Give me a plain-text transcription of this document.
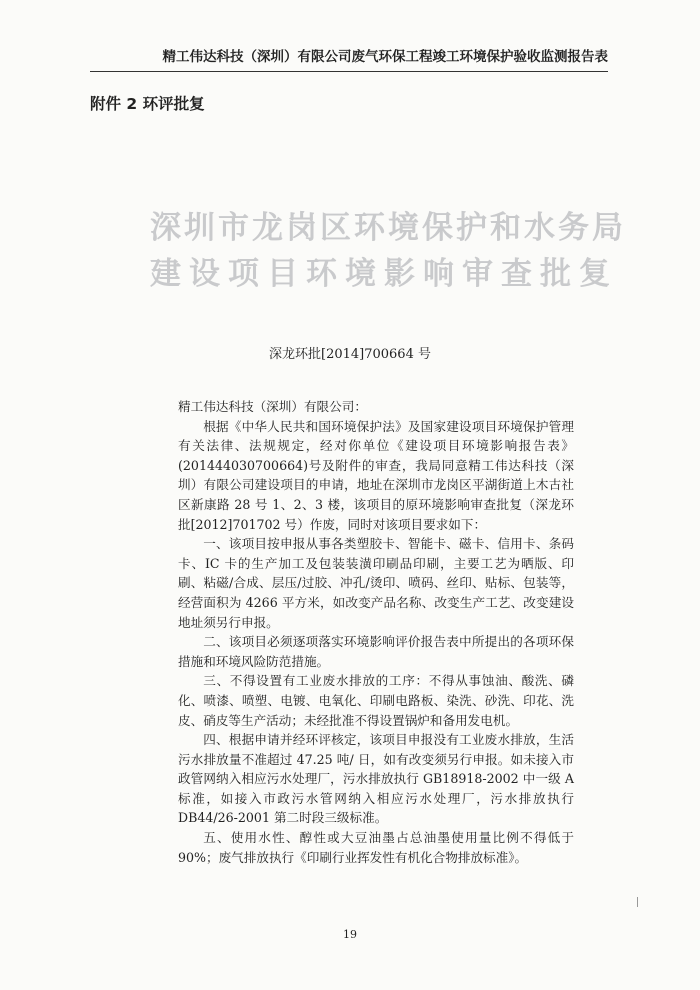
精工伟达科技（深圳）有限公司废气环保工程竣工环境保护验收监测报告表
附件 2 环评批复
深圳市龙岗区环境保护和水务局
建设项目环境影响审查批复
深龙环批[2014]700664 号

精工伟达科技（深圳）有限公司：

根据《中华人民共和国环境保护法》及国家建设项目环境保护管理有关法律、法规规定，经对你单位《建设项目环境影响报告表》(201444030700664)号及附件的审查，我局同意精工伟达科技（深圳）有限公司建设项目的申请，地址在深圳市龙岗区平湖街道上木古社区新康路 28 号 1、2、3 楼，该项目的原环境影响审查批复（深龙环批[2012]701702 号）作废，同时对该项目要求如下：

一、该项目按申报从事各类塑胶卡、智能卡、磁卡、信用卡、条码卡、IC 卡的生产加工及包装装潢印刷品印刷，主要工艺为晒版、印刷、粘磁/合成、层压/过胶、冲孔/烫印、喷码、丝印、贴标、包装等，经营面积为 4266 平方米，如改变产品名称、改变生产工艺、改变建设地址须另行申报。

二、该项目必须逐项落实环境影响评价报告表中所提出的各项环保措施和环境风险防范措施。

三、不得设置有工业废水排放的工序：不得从事蚀油、酸洗、磷化、喷漆、喷塑、电镀、电氧化、印刷电路板、染洗、砂洗、印花、洗皮、硝皮等生产活动；未经批准不得设置锅炉和备用发电机。

四、根据申请并经环评核定，该项目申报没有工业废水排放，生活污水排放量不准超过 47.25 吨/ 日，如有改变须另行申报。如未接入市政管网纳入相应污水处理厂，污水排放执行 GB18918-2002 中一级 A 标准，如接入市政污水管网纳入相应污水处理厂，污水排放执行 DB44/26-2001 第二时段三级标准。

五、使用水性、醇性或大豆油墨占总油墨使用量比例不得低于 90%；废气排放执行《印刷行业挥发性有机化合物排放标准》。

19
